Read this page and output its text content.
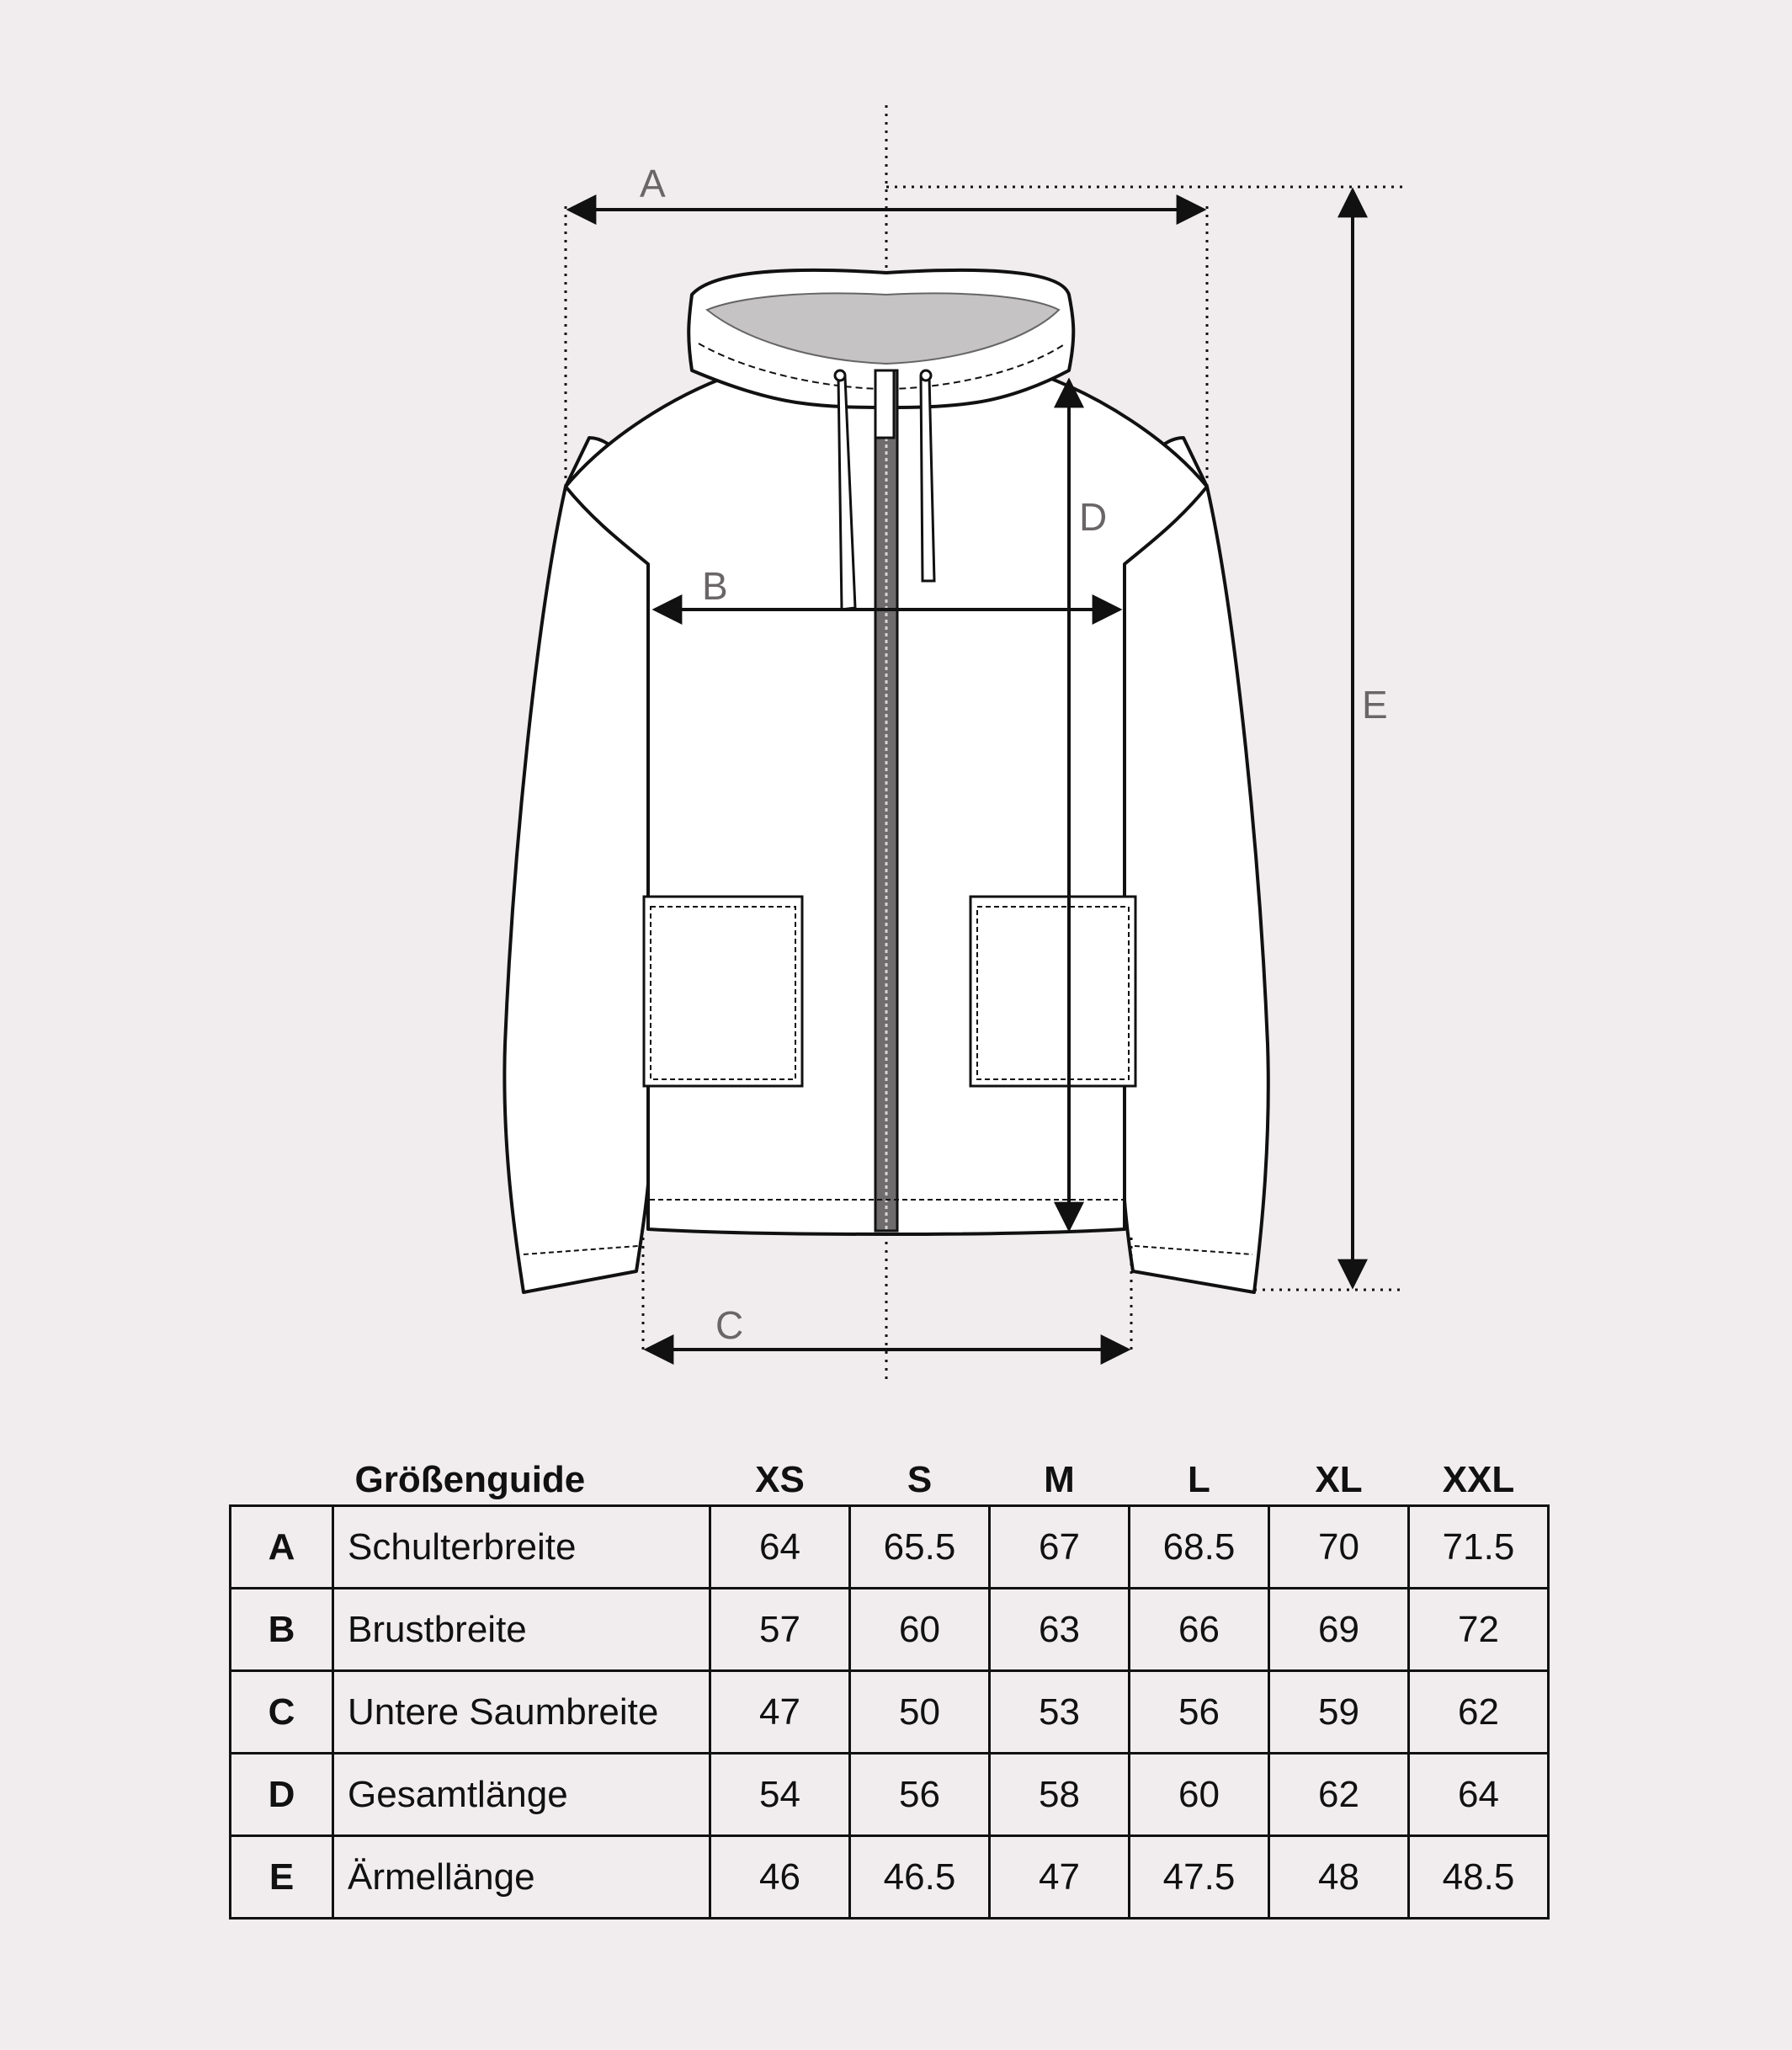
A
B
C
D
E
Größenguide		XS	S	M	L	XL	XXL
A	Schulterbreite	64	65.5	67	68.5	70	71.5
B	Brustbreite	57	60	63	66	69	72
C	Untere Saumbreite	47	50	53	56	59	62
D	Gesamtlänge	54	56	58	60	62	64
E	Ärmellänge	46	46.5	47	47.5	48	48.5
